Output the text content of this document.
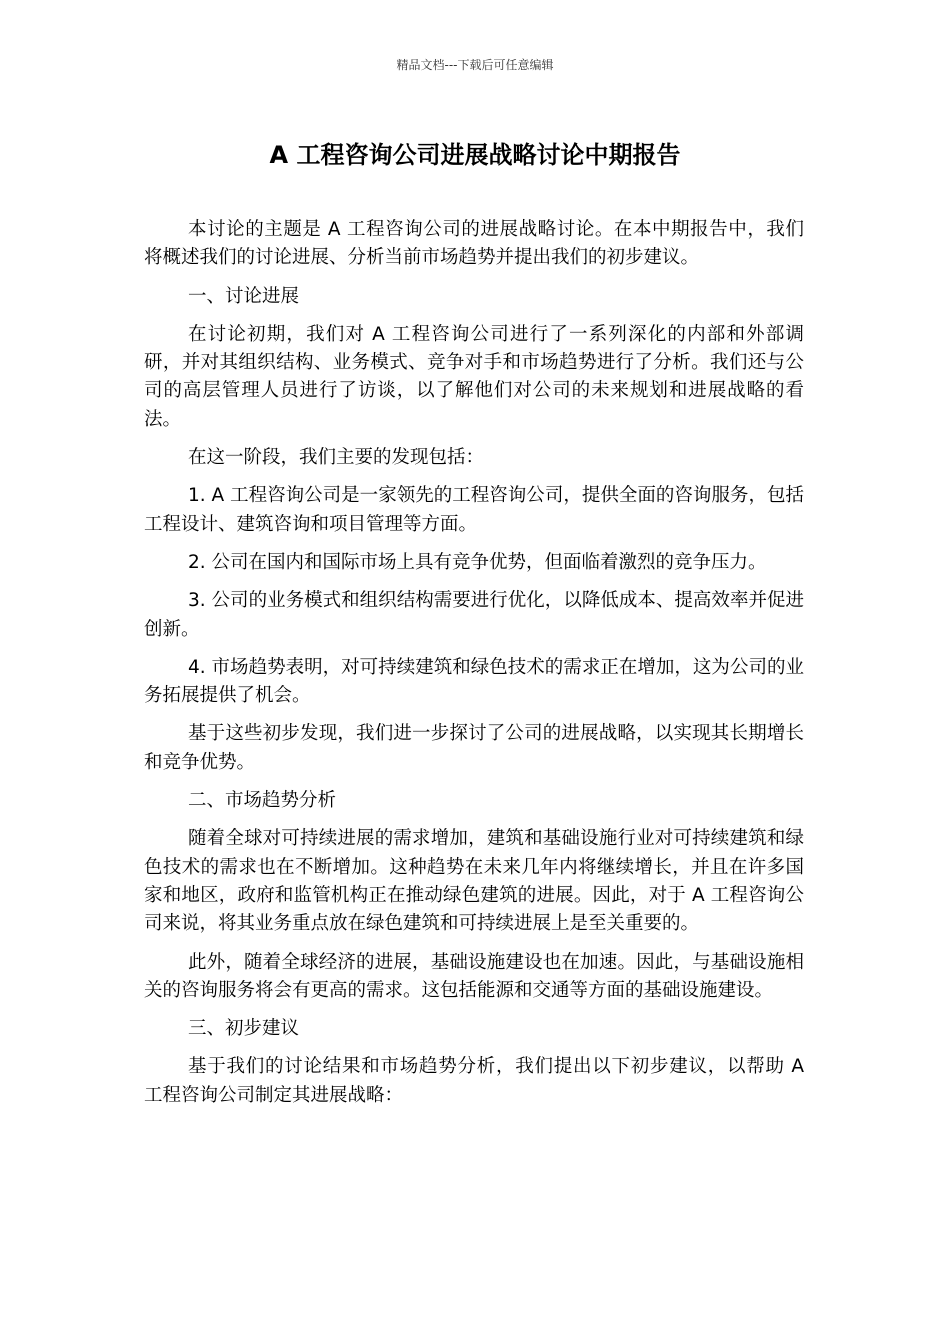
精品文档---下载后可任意编辑
A 工程咨询公司进展战略讨论中期报告

本讨论的主题是 A 工程咨询公司的进展战略讨论。在本中期报告中，我们将概述我们的讨论进展、分析当前市场趋势并提出我们的初步建议。

一、讨论进展

在讨论初期，我们对 A 工程咨询公司进行了一系列深化的内部和外部调研，并对其组织结构、业务模式、竞争对手和市场趋势进行了分析。我们还与公司的高层管理人员进行了访谈，以了解他们对公司的未来规划和进展战略的看法。

在这一阶段，我们主要的发现包括：

1. A 工程咨询公司是一家领先的工程咨询公司，提供全面的咨询服务，包括工程设计、建筑咨询和项目管理等方面。

2. 公司在国内和国际市场上具有竞争优势，但面临着激烈的竞争压力。

3. 公司的业务模式和组织结构需要进行优化，以降低成本、提高效率并促进创新。

4. 市场趋势表明，对可持续建筑和绿色技术的需求正在增加，这为公司的业务拓展提供了机会。

基于这些初步发现，我们进一步探讨了公司的进展战略，以实现其长期增长和竞争优势。

二、市场趋势分析

随着全球对可持续进展的需求增加，建筑和基础设施行业对可持续建筑和绿色技术的需求也在不断增加。这种趋势在未来几年内将继续增长，并且在许多国家和地区，政府和监管机构正在推动绿色建筑的进展。因此，对于 A 工程咨询公司来说，将其业务重点放在绿色建筑和可持续进展上是至关重要的。

此外，随着全球经济的进展，基础设施建设也在加速。因此，与基础设施相关的咨询服务将会有更高的需求。这包括能源和交通等方面的基础设施建设。

三、初步建议

基于我们的讨论结果和市场趋势分析，我们提出以下初步建议，以帮助 A 工程咨询公司制定其进展战略：
